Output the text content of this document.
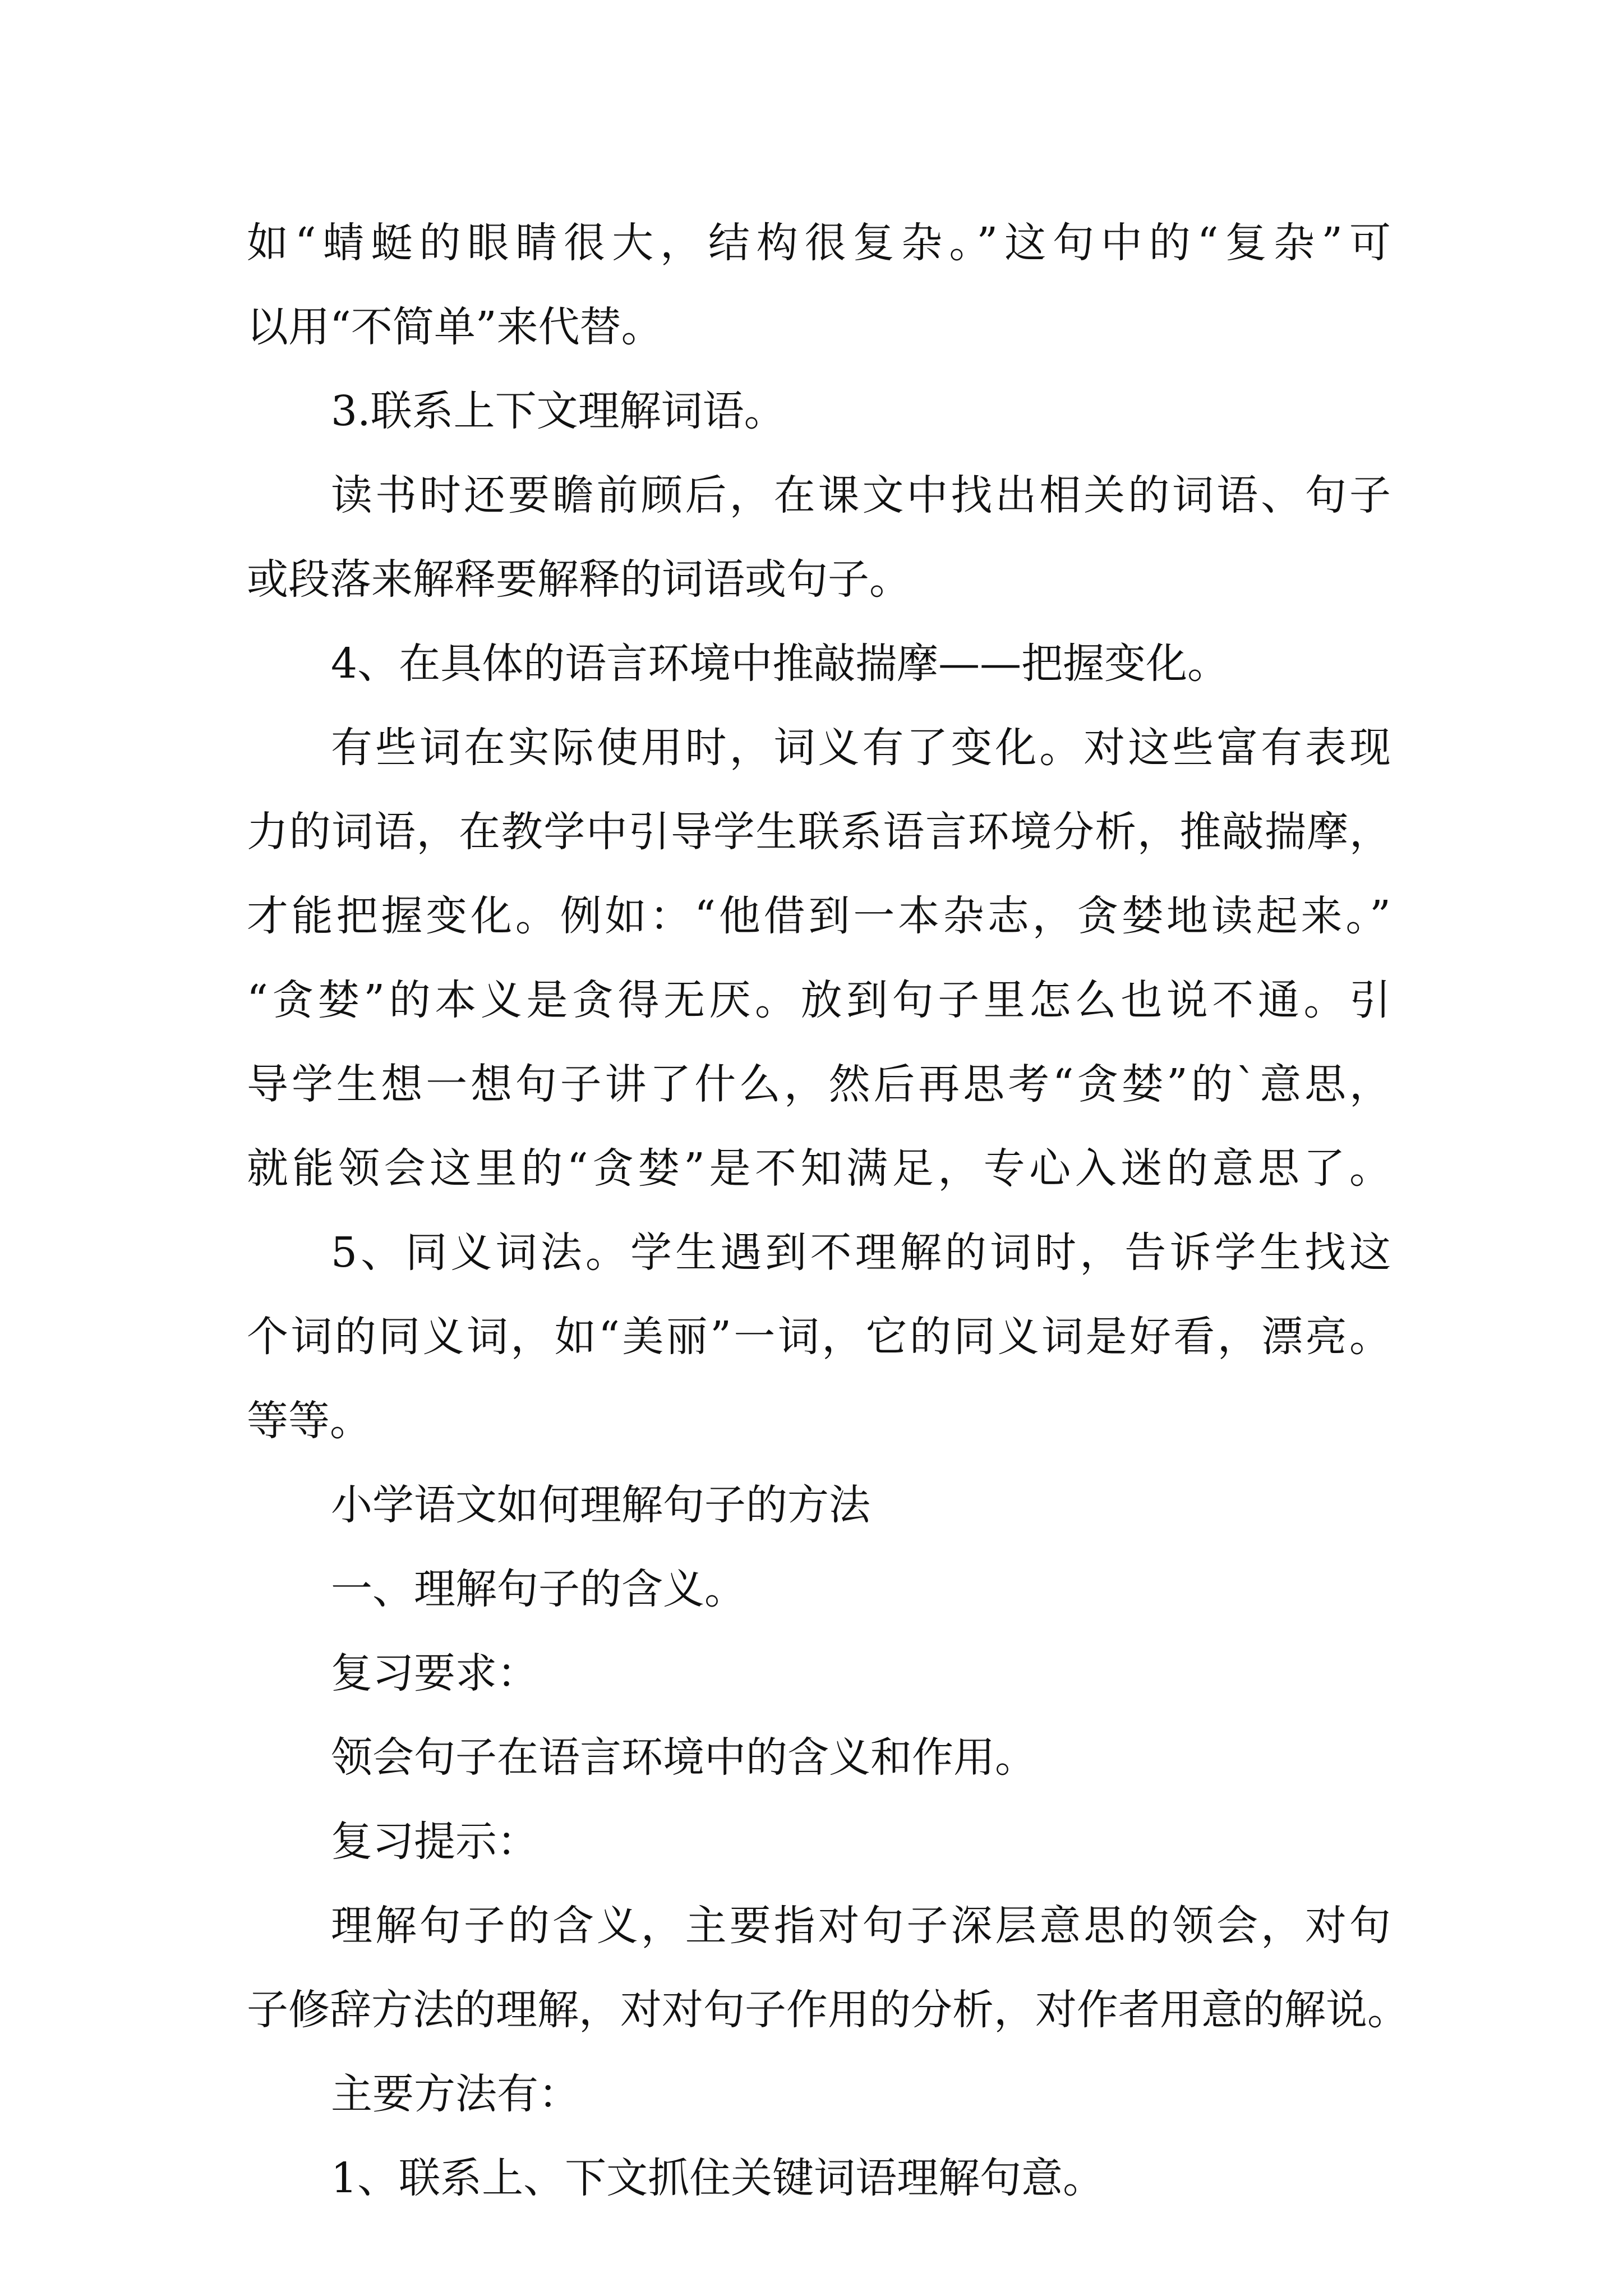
如“蜻蜓的眼睛很大，结构很复杂。”这句中的“复杂”可
以用“不简单”来代替。
3.联系上下文理解词语。
读书时还要瞻前顾后，在课文中找出相关的词语、句子
或段落来解释要解释的词语或句子。
4、在具体的语言环境中推敲揣摩——把握变化。
有些词在实际使用时，词义有了变化。对这些富有表现
力的词语，在教学中引导学生联系语言环境分析，推敲揣摩，
才能把握变化。例如：“他借到一本杂志，贪婪地读起来。”
“贪婪”的本义是贪得无厌。放到句子里怎么也说不通。引
导学生想一想句子讲了什么，然后再思考“贪婪”的`意思，
就能领会这里的“贪婪”是不知满足，专心入迷的意思了。
5、同义词法。学生遇到不理解的词时，告诉学生找这
个词的同义词，如“美丽”一词，它的同义词是好看，漂亮。
等等。
小学语文如何理解句子的方法
一、理解句子的含义。
复习要求：
领会句子在语言环境中的含义和作用。
复习提示：
理解句子的含义，主要指对句子深层意思的领会，对句
子修辞方法的理解，对对句子作用的分析，对作者用意的解说。
主要方法有：
1、联系上、下文抓住关键词语理解句意。
